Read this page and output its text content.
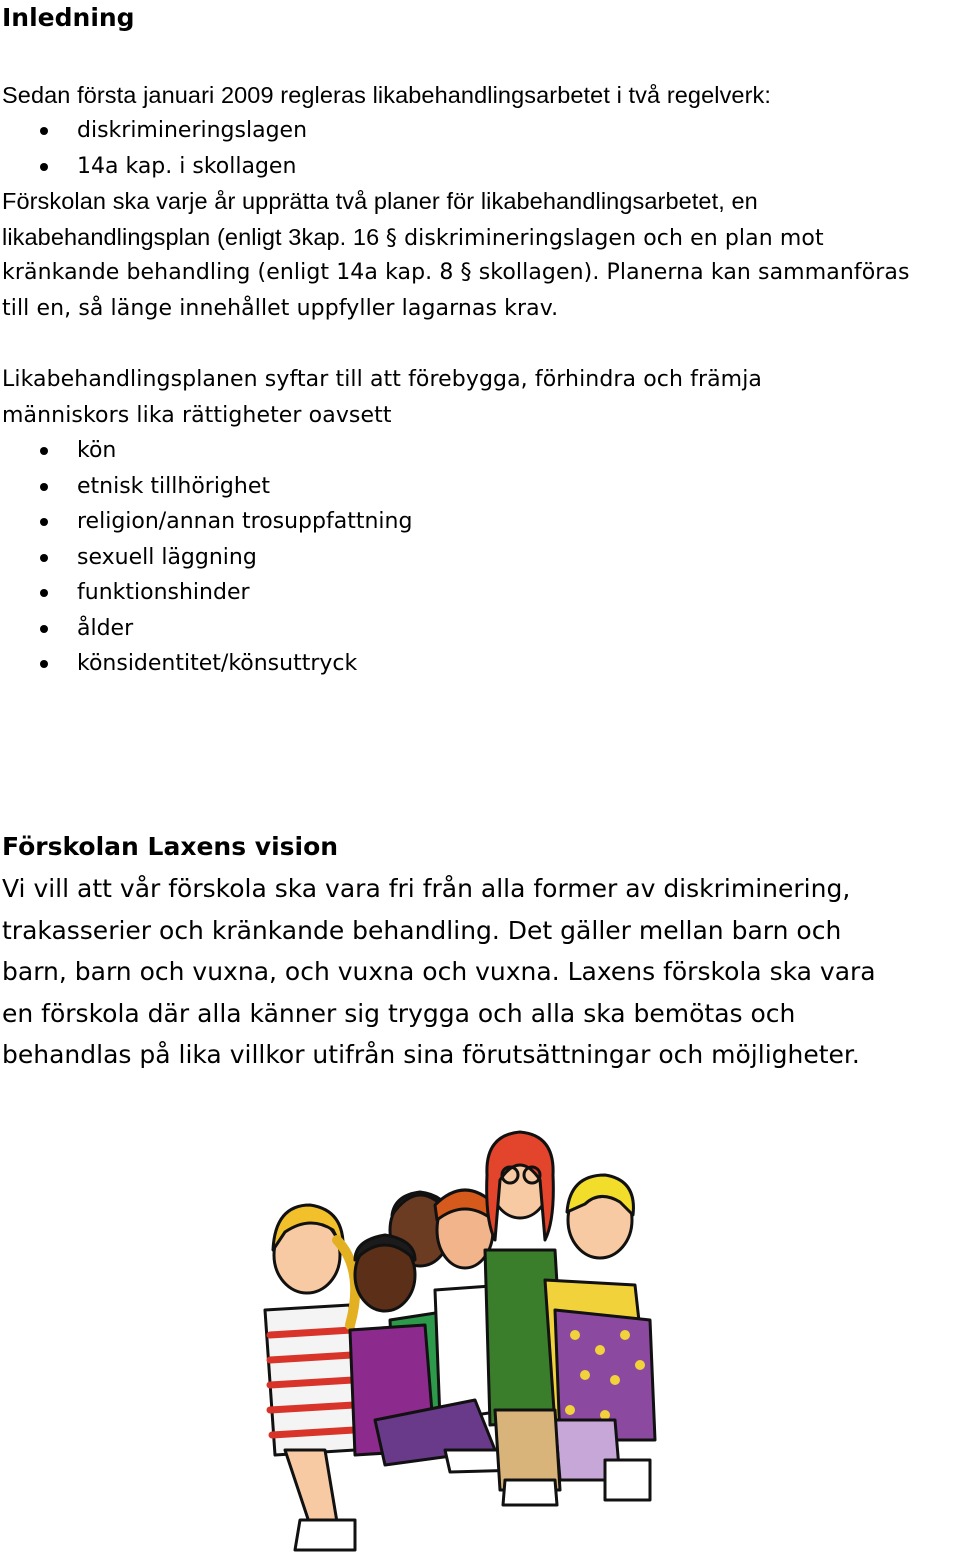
Inledning

Sedan första januari 2009 regleras likabehandlingsarbetet i två regelverk:

diskrimineringslagen
14a kap. i skollagen

Förskolan ska varje år upprätta två planer för likabehandlingsarbetet, en

likabehandlingsplan (enligt 3kap. 16 § diskrimineringslagen och en plan mot

kränkande behandling (enligt 14a kap. 8 § skollagen). Planerna kan sammanföras

till en, så länge innehållet uppfyller lagarnas krav.

Likabehandlingsplanen syftar till att förebygga, förhindra och främja

människors lika rättigheter oavsett

kön
etnisk tillhörighet
religion/annan trosuppfattning
sexuell läggning
funktionshinder
ålder
könsidentitet/könsuttryck
Förskolan Laxens vision
Vi vill att vår förskola ska vara fri från alla former av diskriminering,
trakasserier och kränkande behandling. Det gäller mellan barn och
barn, barn och vuxna, och vuxna och vuxna. Laxens förskola ska vara
en förskola där alla känner sig trygga och alla ska bemötas och
behandlas på lika villkor utifrån sina förutsättningar och möjligheter.
